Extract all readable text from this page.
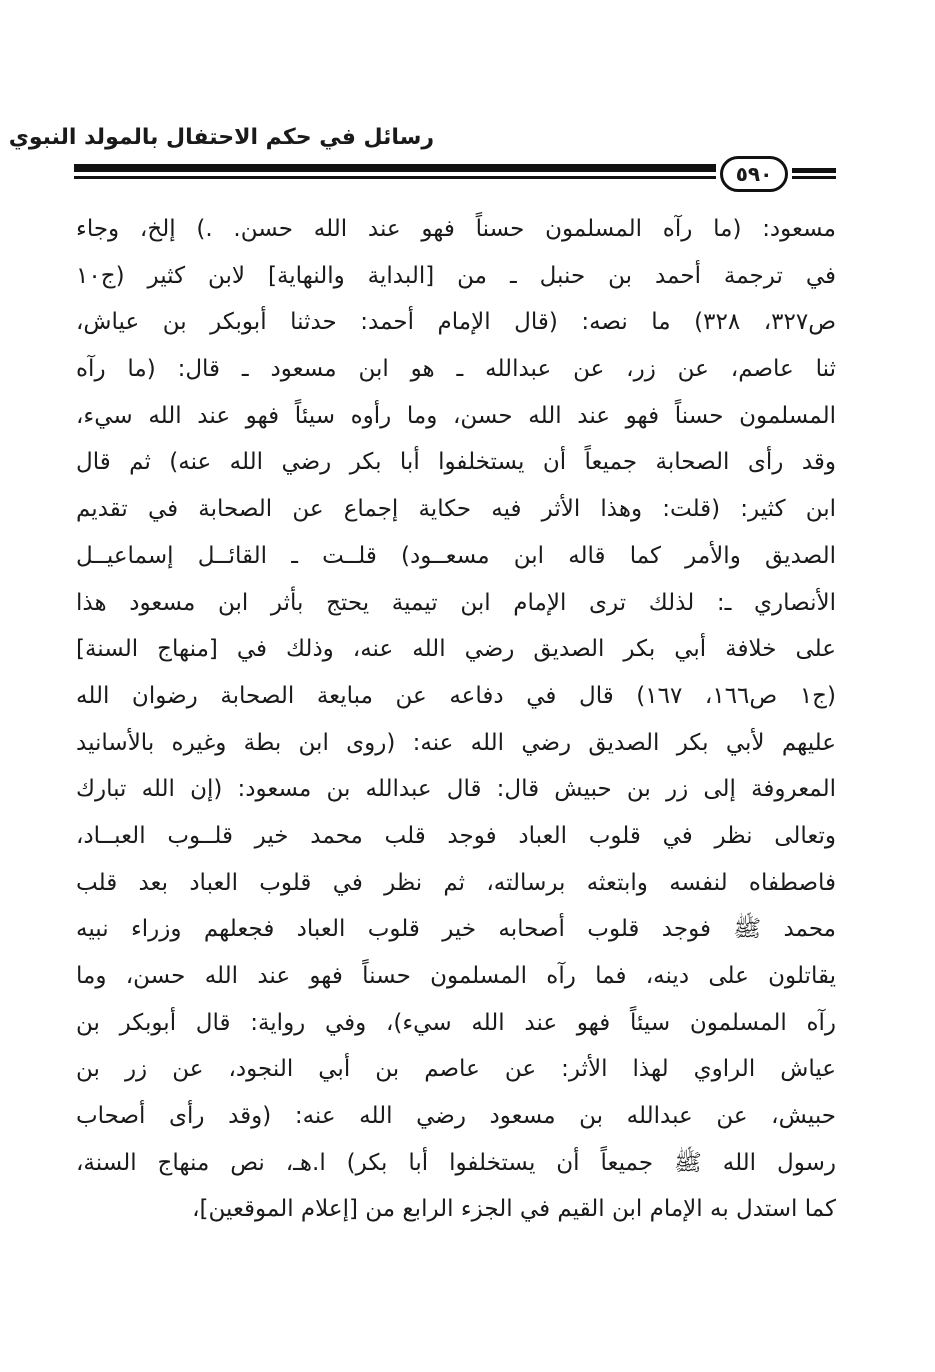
رسائل في حكم الاحتفال بالمولد النبوي
٥٩٠
مسعود: (ما رآه المسلمون حسناً فهو عند الله حسن. .) إلخ، وجاء
في ترجمة أحمد بن حنبل ـ من [البداية والنهاية] لابن كثير (ج١٠
ص٣٢٧، ٣٢٨) ما نصه: (قال الإمام أحمد: حدثنا أبوبكر بن عياش،
ثنا عاصم، عن زر، عن عبدالله ـ هو ابن مسعود ـ قال: (ما رآه
المسلمون حسناً فهو عند الله حسن، وما رأوه سيئاً فهو عند الله سيء،
وقد رأى الصحابة جميعاً أن يستخلفوا أبا بكر رضي الله عنه) ثم قال
ابن كثير: (قلت: وهذا الأثر فيه حكاية إجماع عن الصحابة في تقديم
الصديق والأمر كما قاله ابن مسعــود) قلــت ـ القائــل إسماعيــل
الأنصاري ـ: لذلك ترى الإمام ابن تيمية يحتج بأثر ابن مسعود هذا
على خلافة أبي بكر الصديق رضي الله عنه، وذلك في [منهاج السنة]
(ج١ ص١٦٦، ١٦٧) قال في دفاعه عن مبايعة الصحابة رضوان الله
عليهم لأبي بكر الصديق رضي الله عنه: (روى ابن بطة وغيره بالأسانيد
المعروفة إلى زر بن حبيش قال: قال عبدالله بن مسعود: (إن الله تبارك
وتعالى نظر في قلوب العباد فوجد قلب محمد خير قلــوب العبــاد،
فاصطفاه لنفسه وابتعثه برسالته، ثم نظر في قلوب العباد بعد قلب
محمد ﷺ فوجد قلوب أصحابه خير قلوب العباد فجعلهم وزراء نبيه
يقاتلون على دينه، فما رآه المسلمون حسناً فهو عند الله حسن، وما
رآه المسلمون سيئاً فهو عند الله سيء)، وفي رواية: قال أبوبكر بن
عياش الراوي لهذا الأثر: عن عاصم بن أبي النجود، عن زر بن
حبيش، عن عبدالله بن مسعود رضي الله عنه: (وقد رأى أصحاب
رسول الله ﷺ جميعاً أن يستخلفوا أبا بكر) ا.هـ، نص منهاج السنة،
كما استدل به الإمام ابن القيم في الجزء الرابع من [إعلام الموقعين]،
